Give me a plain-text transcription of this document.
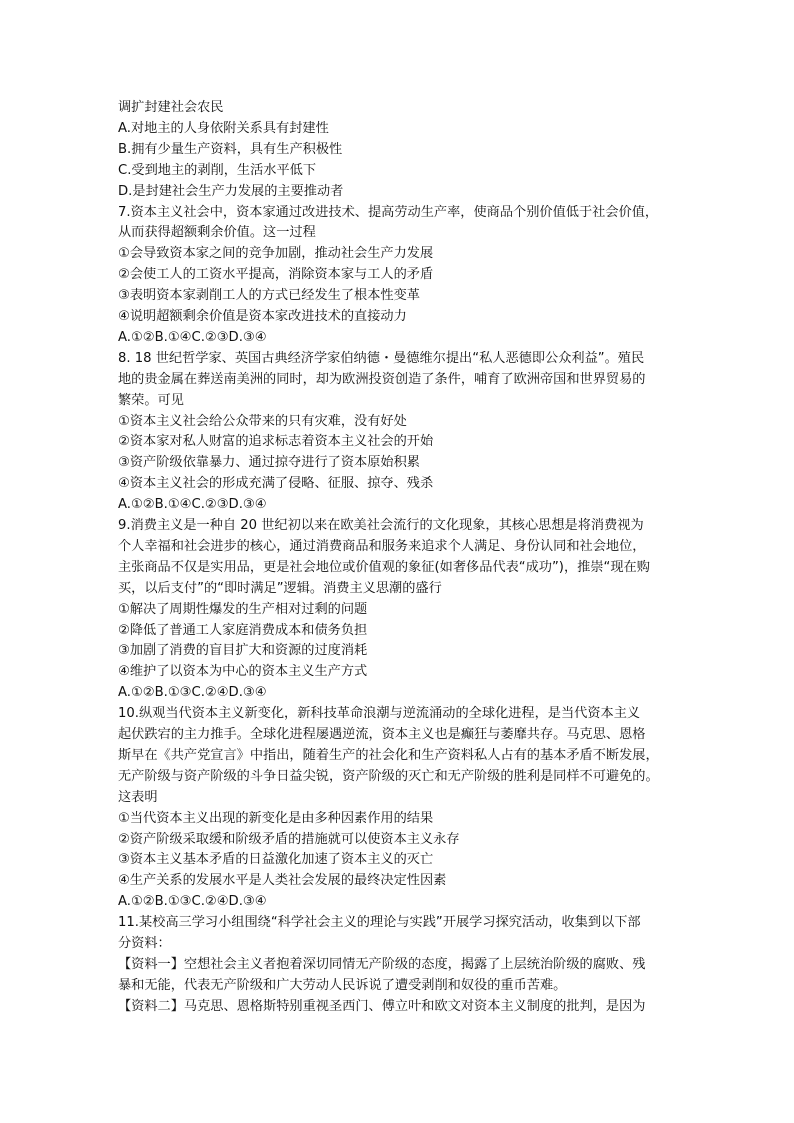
调扩封建社会农民
A.对地主的人身依附关系具有封建性
B.拥有少量生产资料，具有生产积极性
C.受到地主的剥削，生活水平低下
D.是封建社会生产力发展的主要推动者
7.资本主义社会中，资本家通过改进技术、提高劳动生产率，使商品个别价值低于社会价值，
从而获得超额剩余价值。这一过程
①会导致资本家之间的竞争加剧，推动社会生产力发展
②会使工人的工资水平提高，消除资本家与工人的矛盾
③表明资本家剥削工人的方式已经发生了根本性变革
④说明超额剩余价值是资本家改进技术的直接动力
A.①②B.①④C.②③D.③④
8. 18 世纪哲学家、英国古典经济学家伯纳德・曼德维尔提出“私人恶德即公众利益”。殖民
地的贵金属在葬送南美洲的同时，却为欧洲投资创造了条件，哺育了欧洲帝国和世界贸易的
繁荣。可见
①资本主义社会给公众带来的只有灾难，没有好处
②资本家对私人财富的追求标志着资本主义社会的开始
③资产阶级依靠暴力、通过掠夺进行了资本原始积累
④资本主义社会的形成充满了侵略、征服、掠夺、残杀
A.①②B.①④C.②③D.③④
9.消费主义是一种自 20 世纪初以来在欧美社会流行的文化现象，其核心思想是将消费视为
个人幸福和社会进步的核心，通过消费商品和服务来追求个人满足、身份认同和社会地位，
主张商品不仅是实用品，更是社会地位或价值观的象征(如奢侈品代表“成功”)，推崇“现在购
买，以后支付”的“即时满足”逻辑。消费主义思潮的盛行
①解决了周期性爆发的生产相对过剩的问题
②降低了普通工人家庭消费成本和债务负担
③加剧了消费的盲目扩大和资源的过度消耗
④维护了以资本为中心的资本主义生产方式
A.①②B.①③C.②④D.③④
10.纵观当代资本主义新变化，新科技革命浪潮与逆流涌动的全球化进程，是当代资本主义
起伏跌宕的主力推手。全球化进程屡遇逆流，资本主义也是癫狂与萎靡共存。马克思、恩格
斯早在《共产党宣言》中指出，随着生产的社会化和生产资料私人占有的基本矛盾不断发展，
无产阶级与资产阶级的斗争日益尖锐，资产阶级的灭亡和无产阶级的胜利是同样不可避免的。
这表明
①当代资本主义出现的新变化是由多种因素作用的结果
②资产阶级采取缓和阶级矛盾的措施就可以使资本主义永存
③资本主义基本矛盾的日益激化加速了资本主义的灭亡
④生产关系的发展水平是人类社会发展的最终决定性因素
A.①②B.①③C.②④D.③④
11.某校高三学习小组围绕“科学社会主义的理论与实践”开展学习探究活动，收集到以下部
分资料：
【资料一】空想社会主义者抱着深切同情无产阶级的态度，揭露了上层统治阶级的腐败、残
暴和无能，代表无产阶级和广大劳动人民诉说了遭受剥削和奴役的重币苦难。
【资料二】马克思、恩格斯特别重视圣西门、傅立叶和欧文对资本主义制度的批判，是因为
